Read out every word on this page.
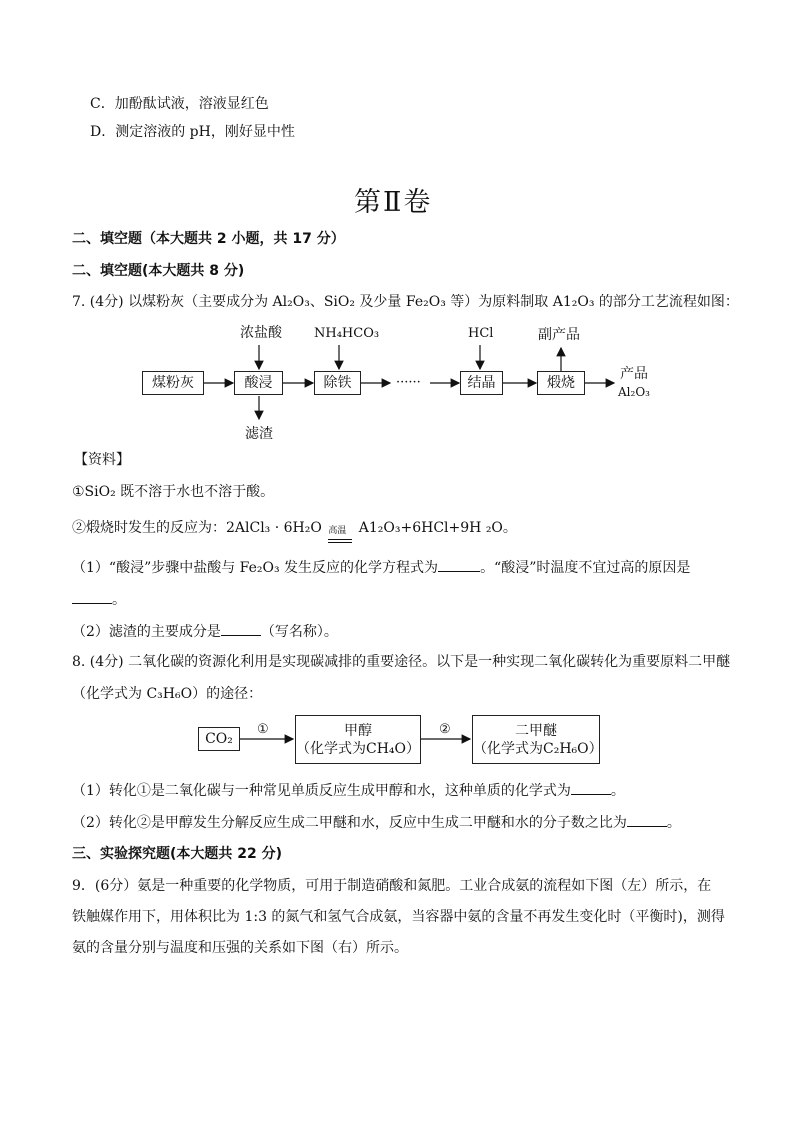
C．加酚酞试液，溶液显红色
D．测定溶液的 pH，刚好显中性
第Ⅱ卷
二、填空题（本大题共 2 小题，共 17 分）
二、填空题(本大题共 8 分)
7. (4分) 以煤粉灰（主要成分为 Al₂O₃、SiO₂ 及少量 Fe₂O₃ 等）为原料制取 A1₂O₃ 的部分工艺流程如图：
煤粉灰	酸浸	除铁	······	结晶	煅烧
浓盐酸 NH₄HCO₃	HCl	副产品
滤渣
产品
Al₂O₃
【资料】
①SiO₂ 既不溶于水也不溶于酸。
②煅烧时发生的反应为：2AlCl₃ · 6H₂O 高温 A1₂O₃+6HCl+9H ₂O。
（1）“酸浸”步骤中盐酸与 Fe₂O₃ 发生反应的化学方程式为	。“酸浸”时温度不宜过高的原因是
。
（2）滤渣的主要成分是	（写名称）。
8. (4分) 二氧化碳的资源化利用是实现碳减排的重要途径。以下是一种实现二氧化碳转化为重要原料二甲醚
（化学式为 C₃H₆O）的途径：
CO₂
①	甲醇
（化学式为CH₄O）
②	二甲醚
（化学式为C₂H₆O）
（1）转化①是二氧化碳与一种常见单质反应生成甲醇和水，这种单质的化学式为	。
（2）转化②是甲醇发生分解反应生成二甲醚和水，反应中生成二甲醚和水的分子数之比为	。
三、实验探究题(本大题共 22 分)
9．(6分）氨是一种重要的化学物质，可用于制造硝酸和氮肥。工业合成氨的流程如下图（左）所示，在
铁触媒作用下，用体积比为 1:3 的氮气和氢气合成氨，当容器中氨的含量不再发生变化时（平衡时)，测得
氨的含量分别与温度和压强的关系如下图（右）所示。
